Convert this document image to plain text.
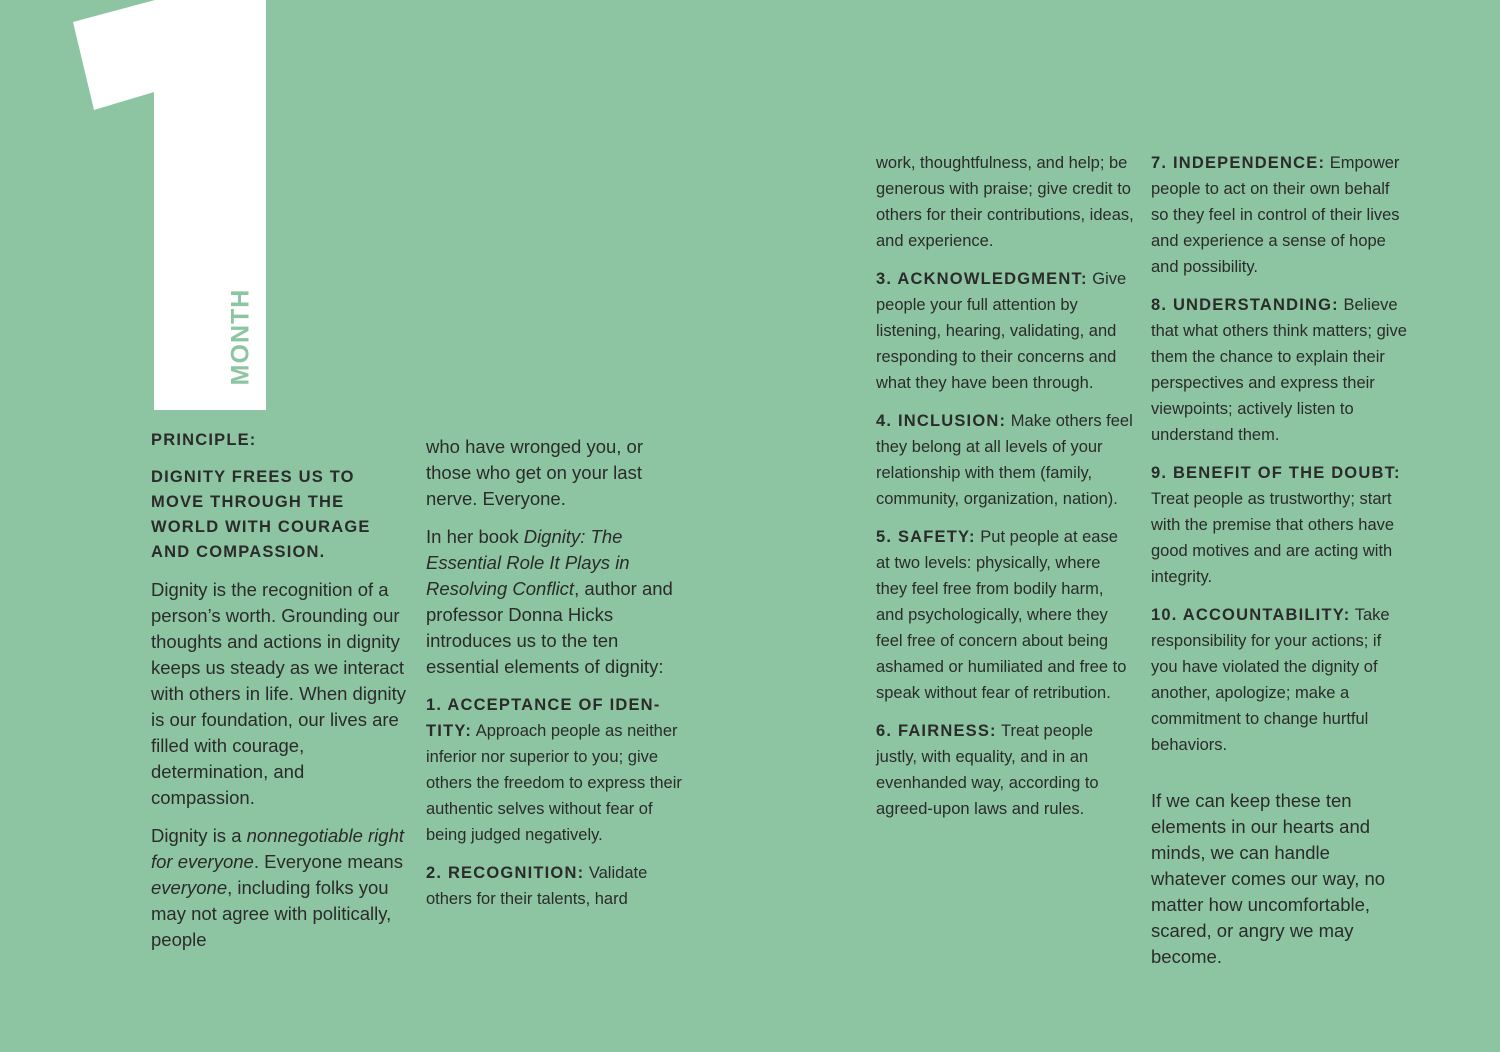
MONTH

PRINCIPLE:

DIGNITY FREES US TO MOVE THROUGH THE WORLD WITH COURAGE AND COMPASSION.

Dignity is the recognition of a person’s worth. Grounding our thoughts and actions in dignity keeps us steady as we interact with others in life. When dignity is our foundation, our lives are filled with courage, determination, and compassion.

Dignity is a nonnegotiable right for everyone. Everyone means everyone, including folks you may not agree with politically, people

who have wronged you, or those who get on your last nerve. Everyone.

In her book Dignity: The Essential Role It Plays in Resolving Conflict, author and professor Donna Hicks introduces us to the ten essential elements of dignity:

1. ACCEPTANCE OF IDENTITY: Approach people as neither inferior nor superior to you; give others the freedom to express their authentic selves without fear of being judged negatively.

2. RECOGNITION: Validate others for their talents, hard

work, thoughtfulness, and help; be generous with praise; give credit to others for their contributions, ideas, and experience.

3. ACKNOWLEDGMENT: Give people your full attention by listening, hearing, validating, and responding to their concerns and what they have been through.

4. INCLUSION: Make others feel they belong at all levels of your relationship with them (family, community, organization, nation).

5. SAFETY: Put people at ease at two levels: physically, where they feel free from bodily harm, and psychologically, where they feel free of concern about being ashamed or humiliated and free to speak without fear of retribution.

6. FAIRNESS: Treat people justly, with equality, and in an evenhanded way, according to agreed-upon laws and rules.

7. INDEPENDENCE: Empower people to act on their own behalf so they feel in control of their lives and experience a sense of hope and possibility.

8. UNDERSTANDING: Believe that what others think matters; give them the chance to explain their perspectives and express their viewpoints; actively listen to understand them.

9. BENEFIT OF THE DOUBT: Treat people as trustworthy; start with the premise that others have good motives and are acting with integrity.

10. ACCOUNTABILITY: Take responsibility for your actions; if you have violated the dignity of another, apologize; make a commitment to change hurtful behaviors.

If we can keep these ten elements in our hearts and minds, we can handle whatever comes our way, no matter how uncomfortable, scared, or angry we may become.
